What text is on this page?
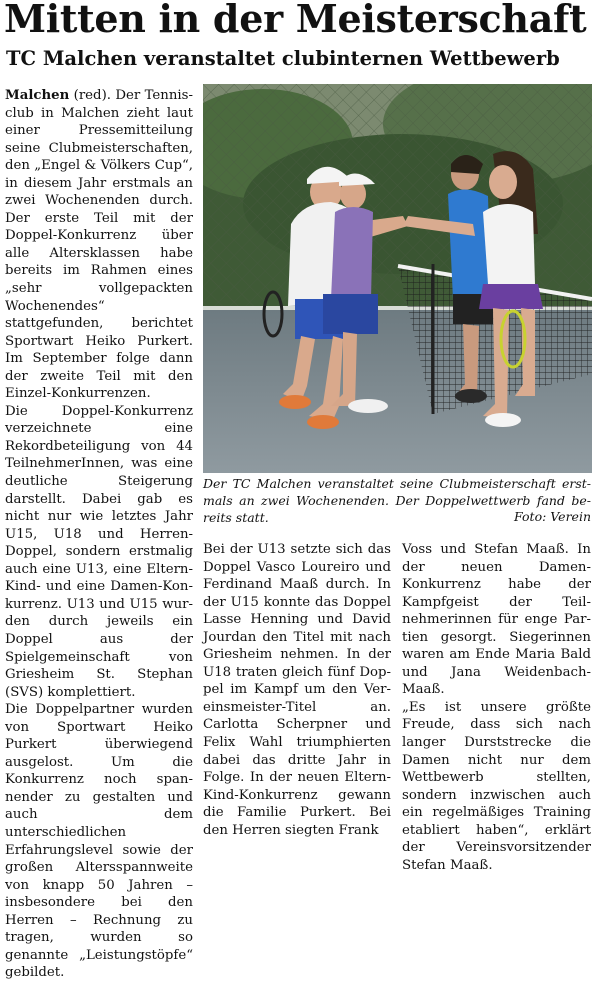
Mitten in der Meisterschaft
TC Malchen veranstaltet clubinternen Wettbewerb

Malchen (red). Der Tennisclub in Malchen zieht laut einer Pressemitteilung seine Clubmeisterschaften, den „Engel & Völkers Cup“, in diesem Jahr erstmals an zwei Wochenenden durch. Der erste Teil mit der Doppel-Konkurrenz über alle Altersklassen habe bereits im Rahmen eines „sehr vollgepackten Wochenendes“ stattgefunden, berichtet Sportwart Heiko Purkert. Im September folge dann der zweite Teil mit den Einzel-Konkurrenzen.

Die Doppel-Konkurrenz verzeichnete eine Rekordbeteiligung von 44 TeilnehmerInnen, was eine deutliche Steigerung darstellt. Dabei gab es nicht nur wie letztes Jahr U15, U18 und Herren-Doppel, sondern erstmalig auch eine U13, eine Eltern-Kind- und eine Damen-Konkurrenz. U13 und U15 wurden durch jeweils ein Doppel aus der Spielgemeinschaft von Griesheim St. Stephan (SVS) komplettiert.

Die Doppelpartner wurden von Sportwart Heiko Purkert überwiegend ausgelost. Um die Konkurrenz noch spannender zu gestalten und auch dem unterschiedlichen Erfahrungslevel sowie der großen Altersspannweite von knapp 50 Jahren – insbesondere bei den Herren – Rechnung zu tragen, wurden so genannte „Leistungstöpfe“ gebildet.

Der TC Malchen veranstaltet seine Clubmeisterschaft erstmals an zwei Wochenenden. Der Doppelwettwerb fand bereits statt.	Foto: Verein

Bei der U13 setzte sich das Doppel Vasco Loureiro und Ferdinand Maaß durch. In der U15 konnte das Doppel Lasse Henning und David Jourdan den Titel mit nach Griesheim nehmen. In der U18 traten gleich fünf Doppel im Kampf um den Vereinsmeister-Titel an. Carlotta Scherpner und Felix Wahl triumphierten dabei das dritte Jahr in Folge. In der neuen Eltern-Kind-Konkurrenz gewann die Familie Purkert. Bei den Herren siegten Frank

Voss und Stefan Maaß. In der neuen Damen-Konkurrenz habe der Kampfgeist der Teilnehmerinnen für enge Partien gesorgt. Siegerinnen waren am Ende Maria Bald und Jana Weidenbach-Maaß.

„Es ist unsere größte Freude, dass sich nach langer Durststrecke die Damen nicht nur dem Wettbewerb stellten, sondern inzwischen auch ein regelmäßiges Training etabliert haben“, erklärt der Vereinsvorsitzender Stefan Maaß.
